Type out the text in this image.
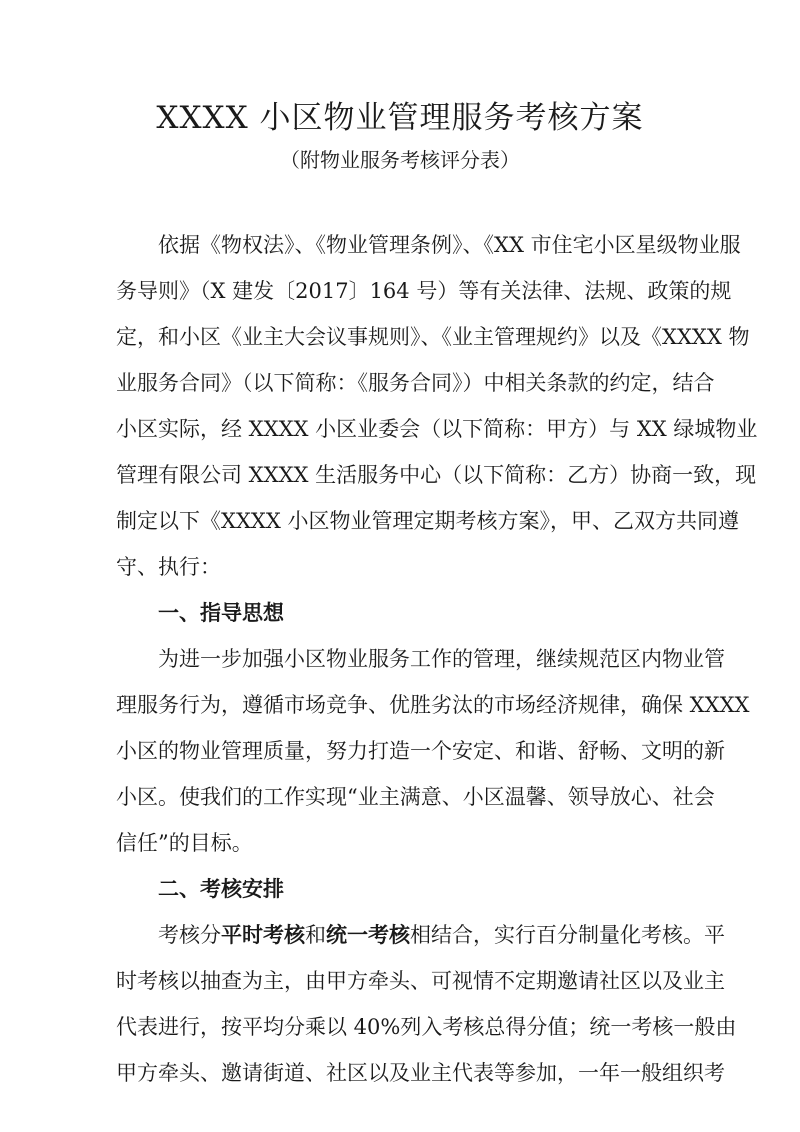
XXXX 小区物业管理服务考核方案
（附物业服务考核评分表）
依据《物权法》、《物业管理条例》、《XX 市住宅小区星级物业服
务导则》（X 建发〔2017〕164 号）等有关法律、法规、政策的规
定，和小区《业主大会议事规则》、《业主管理规约》以及《XXXX 物
业服务合同》（以下简称：《服务合同》）中相关条款的约定，结合
小区实际，经 XXXX 小区业委会（以下简称：甲方）与 XX 绿城物业
管理有限公司 XXXX 生活服务中心（以下简称：乙方）协商一致，现
制定以下《XXXX 小区物业管理定期考核方案》，甲、乙双方共同遵
守、执行：
一、指导思想
为进一步加强小区物业服务工作的管理，继续规范区内物业管
理服务行为，遵循市场竞争、优胜劣汰的市场经济规律，确保 XXXX
小区的物业管理质量，努力打造一个安定、和谐、舒畅、文明的新
小区。使我们的工作实现“业主满意、小区温馨、领导放心、社会
信任”的目标。
二、考核安排
考核分平时考核和统一考核相结合，实行百分制量化考核。平
时考核以抽查为主，由甲方牵头、可视情不定期邀请社区以及业主
代表进行，按平均分乘以 40%列入考核总得分值；统一考核一般由
甲方牵头、邀请街道、社区以及业主代表等参加，一年一般组织考
